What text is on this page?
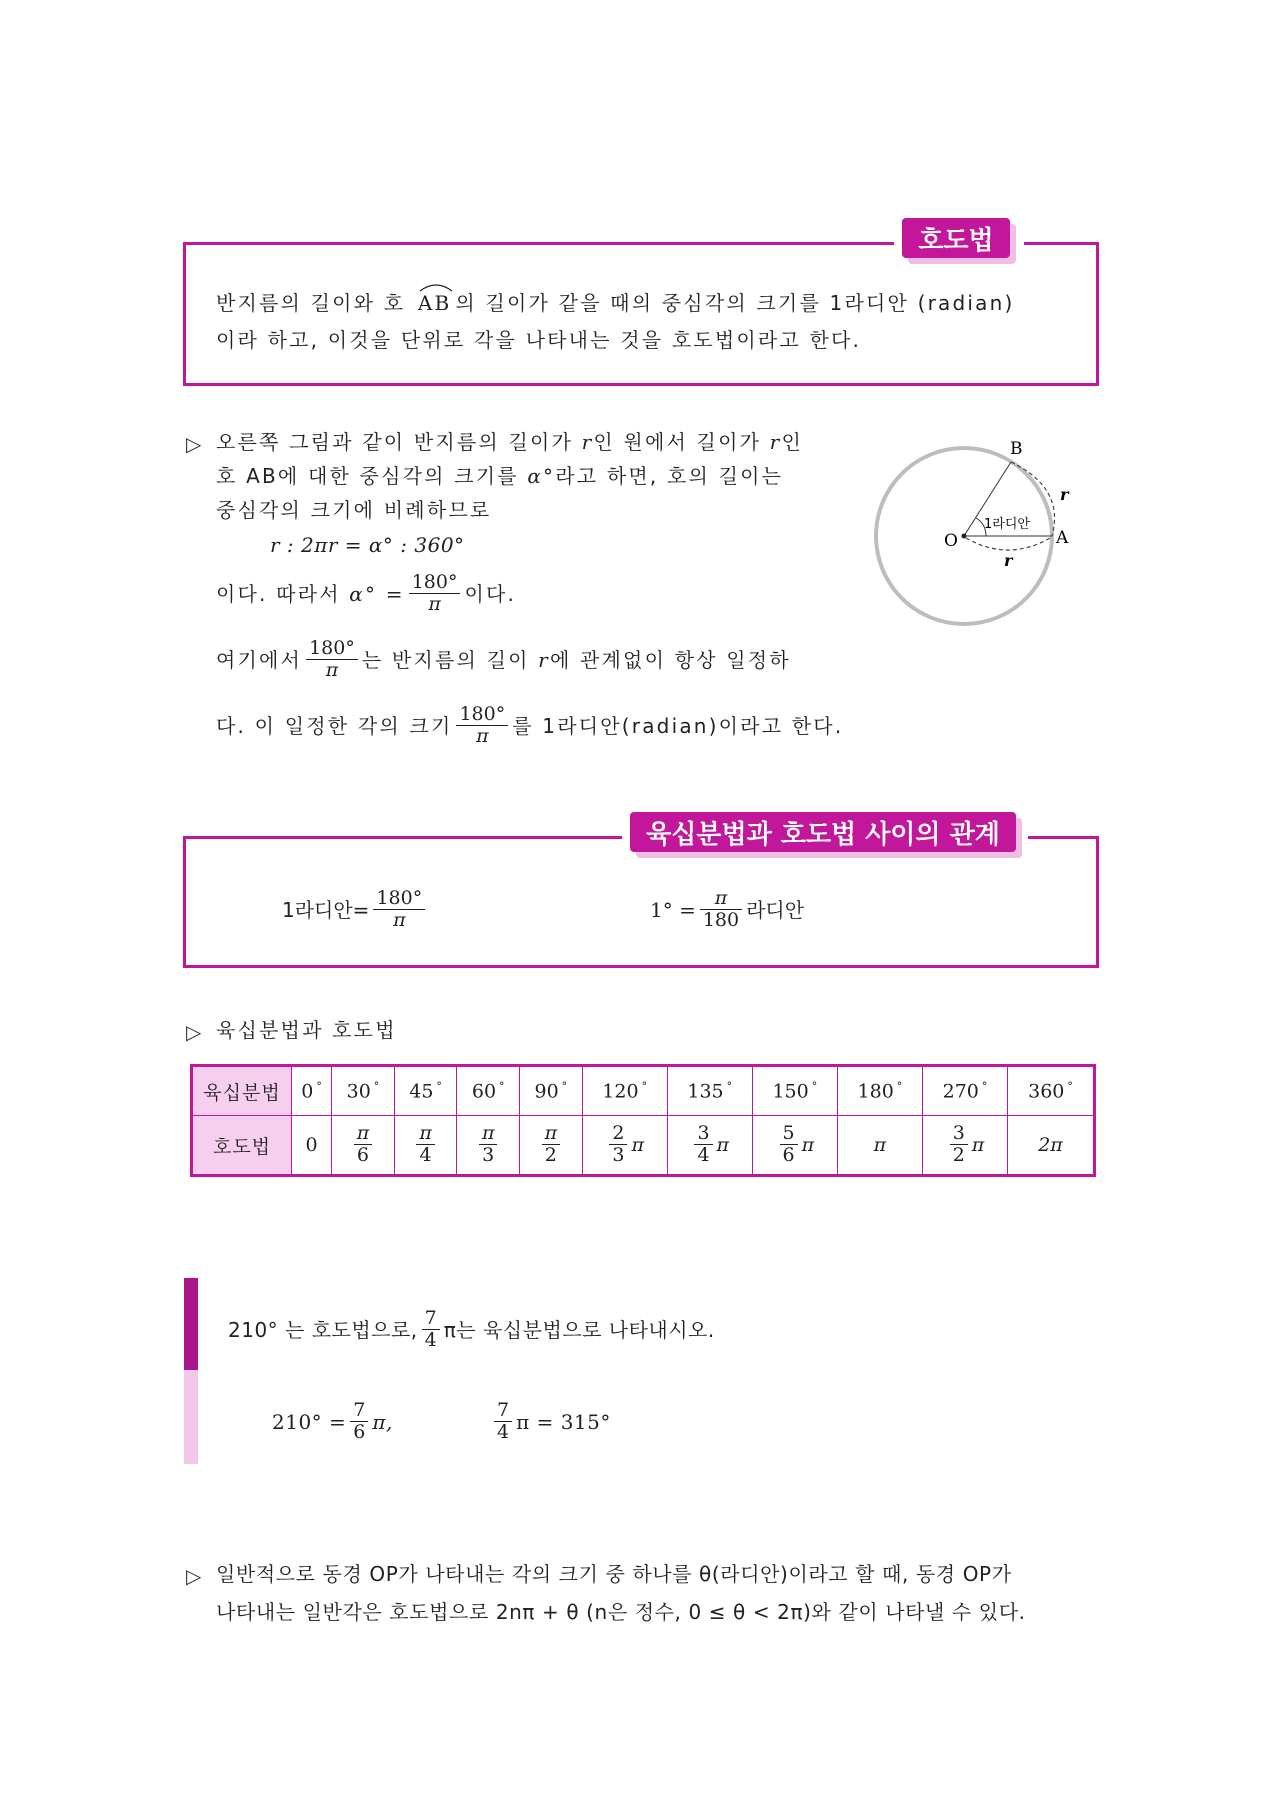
호도법
반지름의 길이와 호 AB 의 길이가 같을 때의 중심각의 크기를 1라디안 (radian)
이라 하고, 이것을 단위로 각을 나타내는 것을 호도법이라고 한다.
▷ 오른쪽 그림과 같이 반지름의 길이가 r인 원에서 길이가 r인
호 AB에 대한 중심각의 크기를 α°라고 하면, 호의 길이는
중심각의 크기에 비례하므로
r : 2πr = α° : 360°
이다. 따라서 $\alpha^\circ = \frac{180^\circ}{\pi}$ 이다.
여기에서 $\frac{180^\circ}{\pi}$ 는 반지름의 길이 r에 관계없이 항상 일정하
다. 이 일정한 각의 크기 $\frac{180^\circ}{\pi}$ 를 1라디안(radian)이라고 한다.
B
O	A
r
r
1라디안
육십분법과 호도법 사이의 관계
1라디안= $\frac{180^\circ}{\pi}$	$1^\circ = \frac{\pi}{180}$ 라디안
▷ 육십분법과 호도법
육십분법	0 °	30 °	45 °	60 °	90 °	120 °	135 °	150 °	180 °	270 °	360 °
호도법	0	$\frac{\pi}{6}$	$\frac{\pi}{4}$	$\frac{\pi}{3}$	$\frac{\pi}{2}$	$\frac{2}{3}$ π	$\frac{3}{4}$ π	$\frac{5}{6}$ π	π	$\frac{3}{2}$ π	2π
210° 는 호도법으로, $\frac{7}{4}$ π는 육십분법으로 나타내시오.
$210^\circ = \frac{7}{6} \pi$,	$\frac{7}{4}$ π = 315°
▷ 일반적으로 동경 OP가 나타내는 각의 크기 중 하나를 θ(라디안)이라고 할 때, 동경 OP가
나타내는 일반각은 호도법으로 2nπ + θ (n은 정수, 0 ≤ θ < 2π)와 같이 나타낼 수 있다.
